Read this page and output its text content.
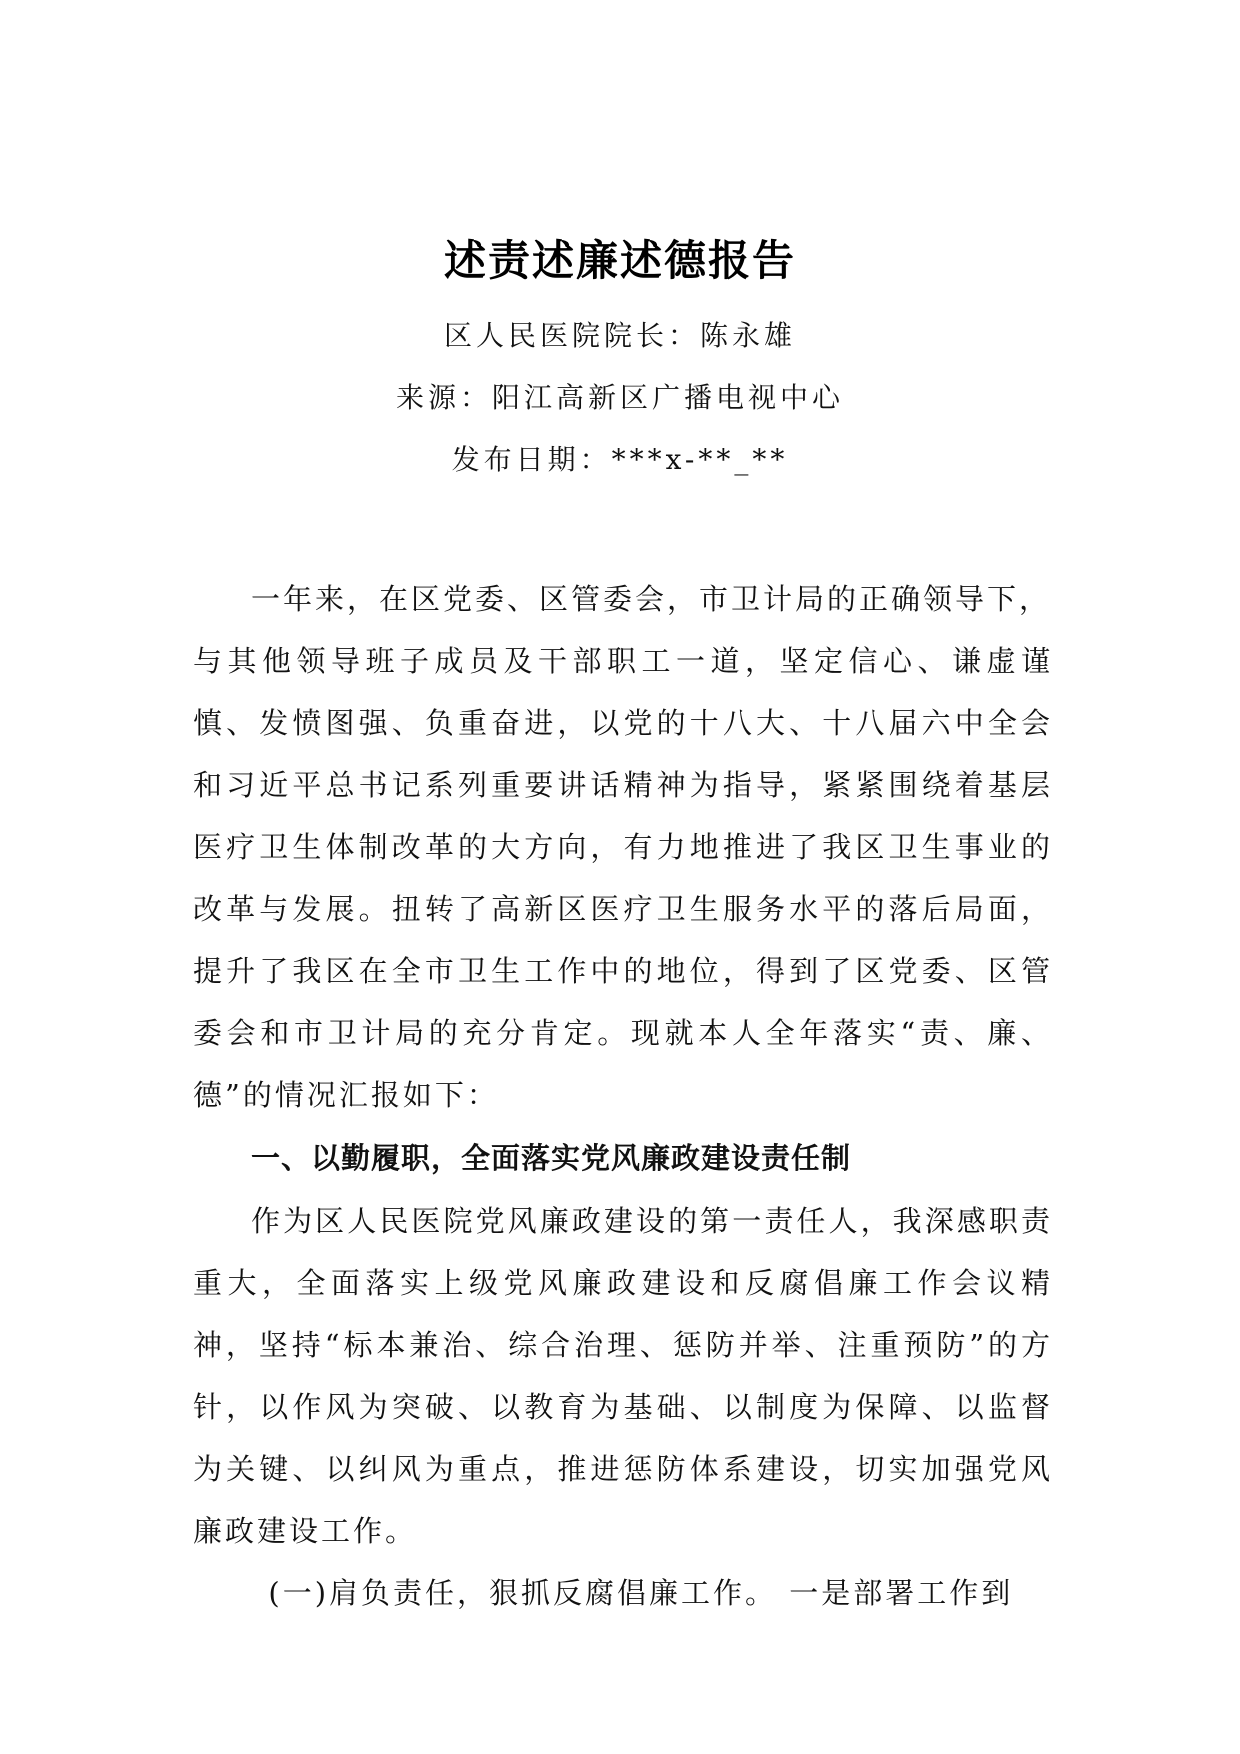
述责述廉述德报告
区人民医院院长：陈永雄
来源：阳江高新区广播电视中心
发布日期：***x-**_**

一年来，在区党委、区管委会，市卫计局的正确领导下，

与其他领导班子成员及干部职工一道，坚定信心、谦虚谨慎、发愤图强、负重奋进，以党的十八大、十八届六中全会和习近平总书记系列重要讲话精神为指导，紧紧围绕着基层医疗卫生体制改革的大方向，有力地推进了我区卫生事业的改革与发展。扭转了高新区医疗卫生服务水平的落后局面，提升了我区在全市卫生工作中的地位，得到了区党委、区管委会和市卫计局的充分肯定。现就本人全年落实“责、廉、德”的情况汇报如下：

一、以勤履职，全面落实党风廉政建设责任制

作为区人民医院党风廉政建设的第一责任人，我深感职责重大，全面落实上级党风廉政建设和反腐倡廉工作会议精神，坚持“标本兼治、综合治理、惩防并举、注重预防”的方针，以作风为突破、以教育为基础、以制度为保障、以监督为关键、以纠风为重点，推进惩防体系建设，切实加强党风廉政建设工作。

(一)肩负责任，狠抓反腐倡廉工作。 一是部署工作到
